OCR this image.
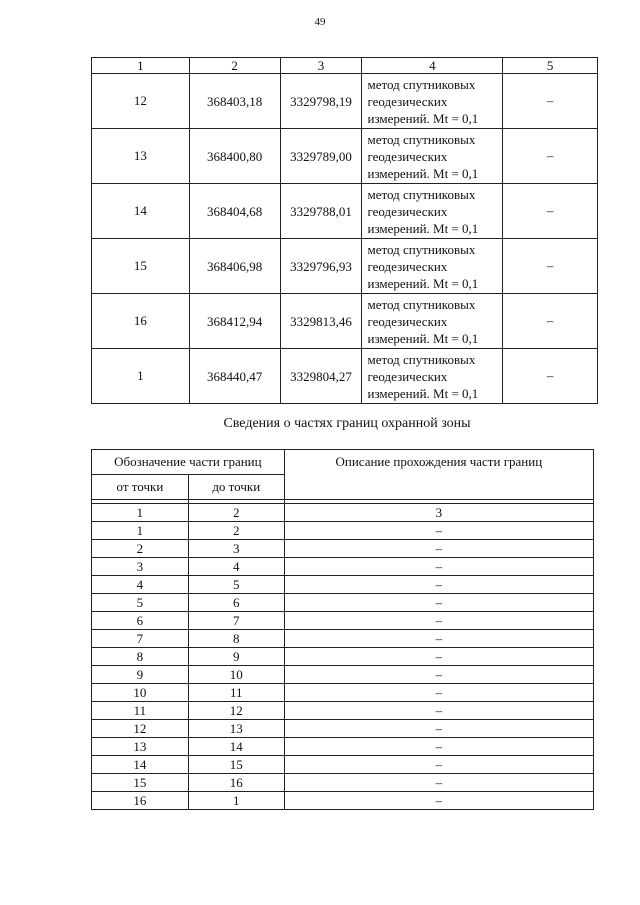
49
1	2	3	4	5
12	368403,18	3329798,19	метод спутниковых
геодезических
измерений. Mt = 0,1	–
13	368400,80	3329789,00	метод спутниковых
геодезических
измерений. Mt = 0,1	–
14	368404,68	3329788,01	метод спутниковых
геодезических
измерений. Mt = 0,1	–
15	368406,98	3329796,93	метод спутниковых
геодезических
измерений. Mt = 0,1	–
16	368412,94	3329813,46	метод спутниковых
геодезических
измерений. Mt = 0,1	–
1	368440,47	3329804,27	метод спутниковых
геодезических
измерений. Mt = 0,1	–
Сведения о частях границ охранной зоны
Обозначение части границ		Описание прохождения части границ
от точки	до точки	

1	2	3
1	2	–
2	3	–
3	4	–
4	5	–
5	6	–
6	7	–
7	8	–
8	9	–
9	10	–
10	11	–
11	12	–
12	13	–
13	14	–
14	15	–
15	16	–
16	1	–
